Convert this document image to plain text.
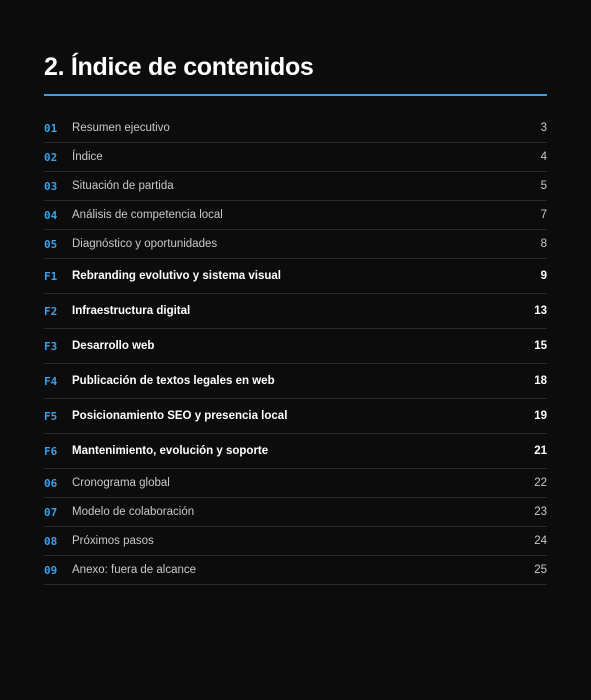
2. Índice de contenidos
01	Resumen ejecutivo	3
02	Índice	4
03	Situación de partida	5
04	Análisis de competencia local	7
05	Diagnóstico y oportunidades	8
F1	Rebranding evolutivo y sistema visual	9
F2	Infraestructura digital	13
F3	Desarrollo web	15
F4	Publicación de textos legales en web	18
F5	Posicionamiento SEO y presencia local	19
F6	Mantenimiento, evolución y soporte	21
06	Cronograma global	22
07	Modelo de colaboración	23
08	Próximos pasos	24
09	Anexo: fuera de alcance	25
